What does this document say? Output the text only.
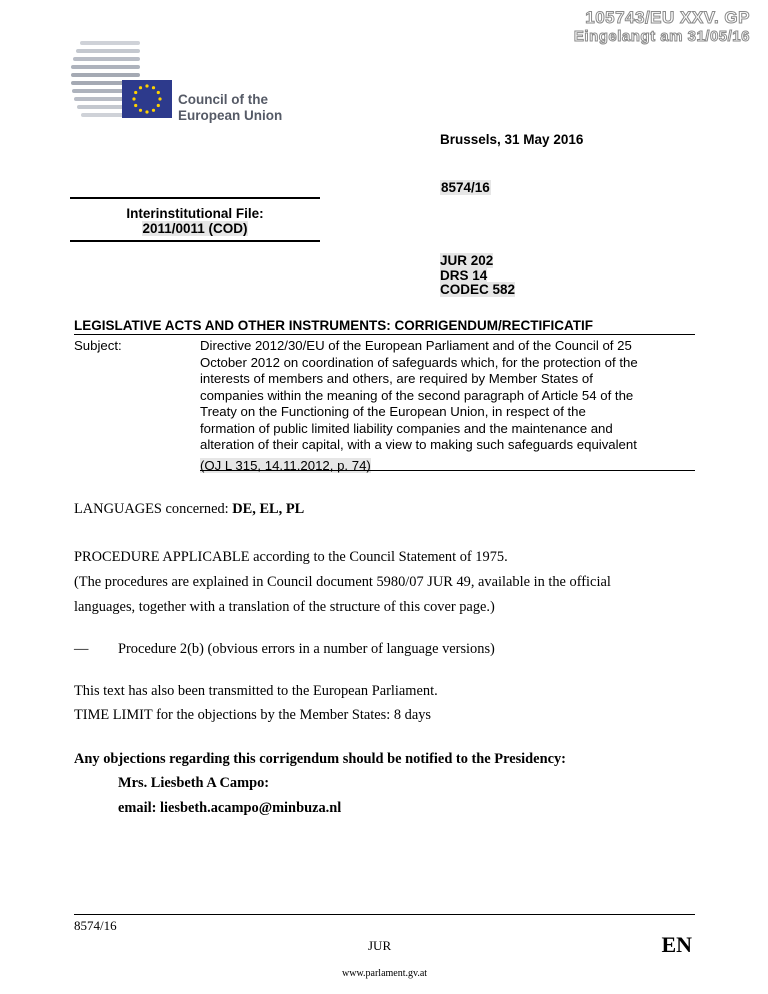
105743/EU XXV. GP
Eingelangt am 31/05/16
Council of the
European Union
Brussels, 31 May 2016
8574/16
Interinstitutional File:
2011/0011 (COD)
JUR 202
DRS 14
CODEC 582
LEGISLATIVE ACTS AND OTHER INSTRUMENTS: CORRIGENDUM/RECTIFICATIF
Subject:	Directive 2012/30/EU of the European Parliament and of the Council of 25
October 2012 on coordination of safeguards which, for the protection of the
interests of members and others, are required by Member States of
companies within the meaning of the second paragraph of Article 54 of the
Treaty on the Functioning of the European Union, in respect of the
formation of public limited liability companies and the maintenance and
alteration of their capital, with a view to making such safeguards equivalent
(OJ L 315, 14.11.2012, p. 74)
LANGUAGES concerned: DE, EL, PL
PROCEDURE APPLICABLE according to the Council Statement of 1975.
(The procedures are explained in Council document 5980/07 JUR 49, available in the official
languages, together with a translation of the structure of this cover page.)
— Procedure 2(b) (obvious errors in a number of language versions)
This text has also been transmitted to the European Parliament.
TIME LIMIT for the objections by the Member States: 8 days
Any objections regarding this corrigendum should be notified to the Presidency:
Mrs. Liesbeth A Campo:
email: liesbeth.acampo@minbuza.nl
8574/16
JUR	EN
www.parlament.gv.at
